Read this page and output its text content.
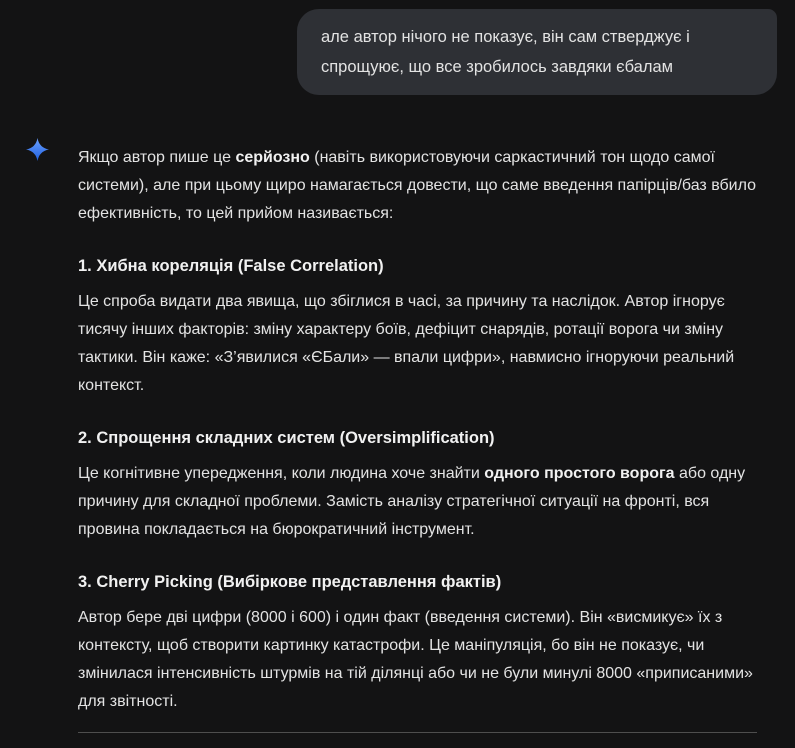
але автор нічого не показує, він сам стверджує і спрощуює, що все зробилось завдяки єбалам

Якщо автор пише це серйозно (навіть використовуючи саркастичний тон щодо самої системи), але при цьому щиро намагається довести, що саме введення папірців/баз вбило ефективність, то цей прийом називається:

1. Хибна кореляція (False Correlation)

Це спроба видати два явища, що збіглися в часі, за причину та наслідок. Автор ігнорує тисячу інших факторів: зміну характеру боїв, дефіцит снарядів, ротації ворога чи зміну тактики. Він каже: «З’явилися «ЄБали» — впали цифри», навмисно ігноруючи реальний контекст.

2. Спрощення складних систем (Oversimplification)

Це когнітивне упередження, коли людина хоче знайти одного простого ворога або одну причину для складної проблеми. Замість аналізу стратегічної ситуації на фронті, вся провина покладається на бюрократичний інструмент.

3. Cherry Picking (Вибіркове представлення фактів)

Автор бере дві цифри (8000 і 600) і один факт (введення системи). Він «висмикує» їх з контексту, щоб створити картинку катастрофи. Це маніпуляція, бо він не показує, чи змінилася інтенсивність штурмів на тій ділянці або чи не були минулі 8000 «приписаними» для звітності.
